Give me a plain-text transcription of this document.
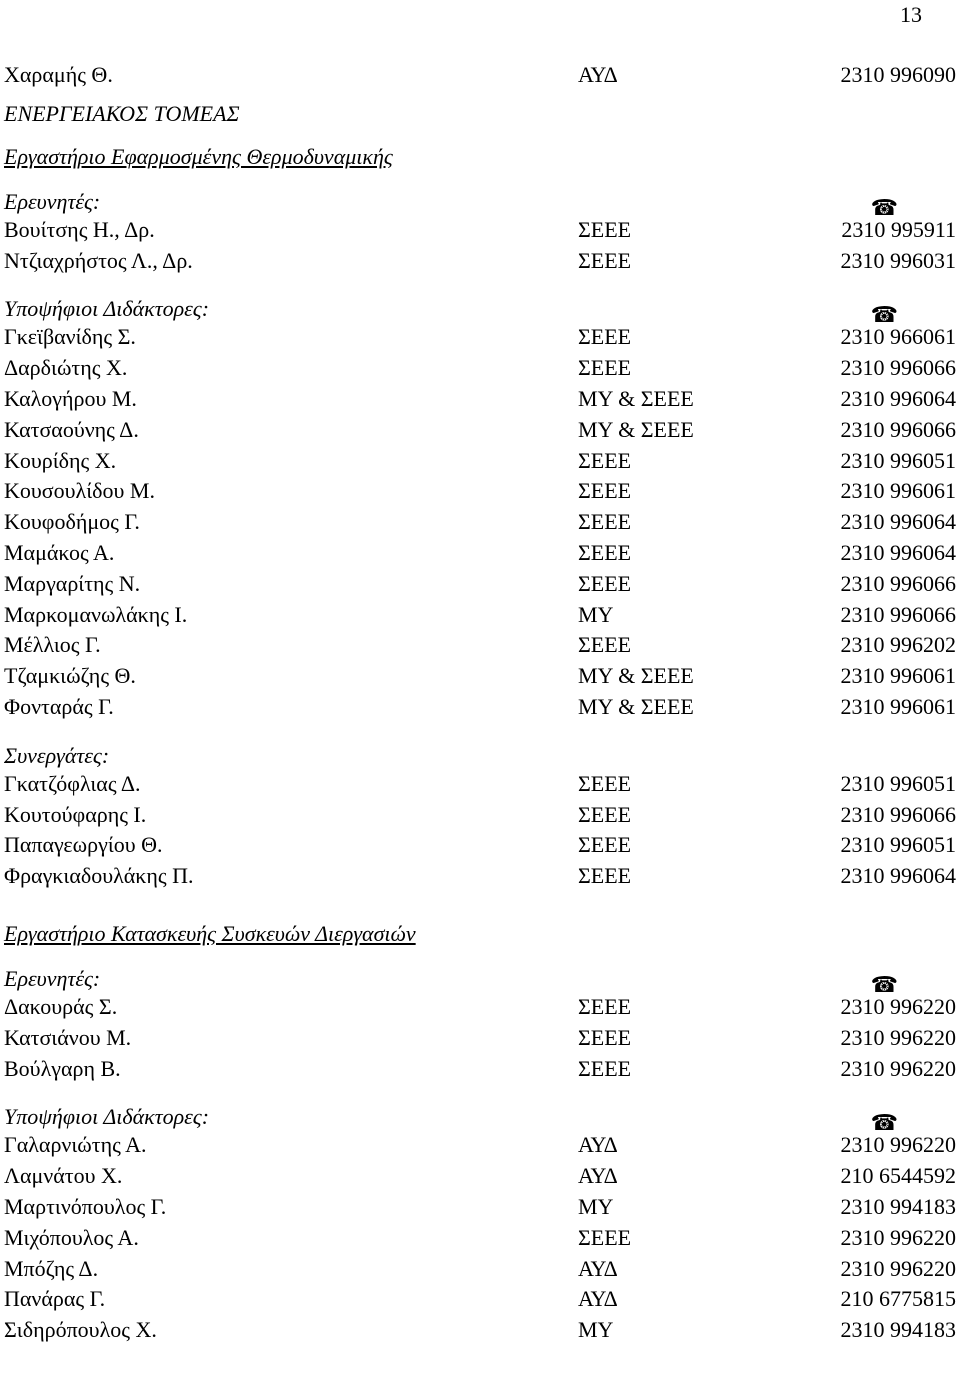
13
Χαραμής Θ.	ΑΥΔ	2310 996090
ΕΝΕΡΓΕΙΑΚΟΣ ΤΟΜΕΑΣ
Εργαστήριο Εφαρμοσμένης Θερμοδυναμικής
Ερευνητές:	☎
Βουίτσης Η., Δρ.	ΣΕΕΕ	2310 995911
Ντζιαχρήστος Λ., Δρ.	ΣΕΕΕ	2310 996031
Υποψήφιοι Διδάκτορες:	☎
Γκεϊβανίδης Σ.	ΣΕΕΕ	2310 966061
Δαρδιώτης Χ.	ΣΕΕΕ	2310 996066
Καλογήρου Μ.	ΜΥ & ΣΕΕΕ	2310 996064
Κατσαούνης Δ.	ΜΥ & ΣΕΕΕ	2310 996066
Κουρίδης Χ.	ΣΕΕΕ	2310 996051
Κουσουλίδου Μ.	ΣΕΕΕ	2310 996061
Κουφοδήμος Γ.	ΣΕΕΕ	2310 996064
Μαμάκος Α.	ΣΕΕΕ	2310 996064
Μαργαρίτης Ν.	ΣΕΕΕ	2310 996066
Μαρκομανωλάκης Ι.	ΜΥ	2310 996066
Μέλλιος Γ.	ΣΕΕΕ	2310 996202
Τζαμκιώζης Θ.	ΜΥ & ΣΕΕΕ	2310 996061
Φονταράς Γ.	ΜΥ & ΣΕΕΕ	2310 996061
Συνεργάτες:
Γκατζόφλιας Δ.	ΣΕΕΕ	2310 996051
Κουτούφαρης Ι.	ΣΕΕΕ	2310 996066
Παπαγεωργίου Θ.	ΣΕΕΕ	2310 996051
Φραγκιαδουλάκης Π.	ΣΕΕΕ	2310 996064
Εργαστήριο Κατασκευής Συσκευών Διεργασιών
Ερευνητές:	☎
Δακουράς Σ.	ΣΕΕΕ	2310 996220
Κατσιάνου Μ.	ΣΕΕΕ	2310 996220
Βούλγαρη Β.	ΣΕΕΕ	2310 996220
Υποψήφιοι Διδάκτορες:	☎
Γαλαρνιώτης Α.	ΑΥΔ	2310 996220
Λαμνάτου Χ.	ΑΥΔ	210 6544592
Μαρτινόπουλος Γ.	ΜΥ	2310 994183
Μιχόπουλος Α.	ΣΕΕΕ	2310 996220
Μπόζης Δ.	ΑΥΔ	2310 996220
Πανάρας Γ.	ΑΥΔ	210 6775815
Σιδηρόπουλος Χ.	ΜΥ	2310 994183
